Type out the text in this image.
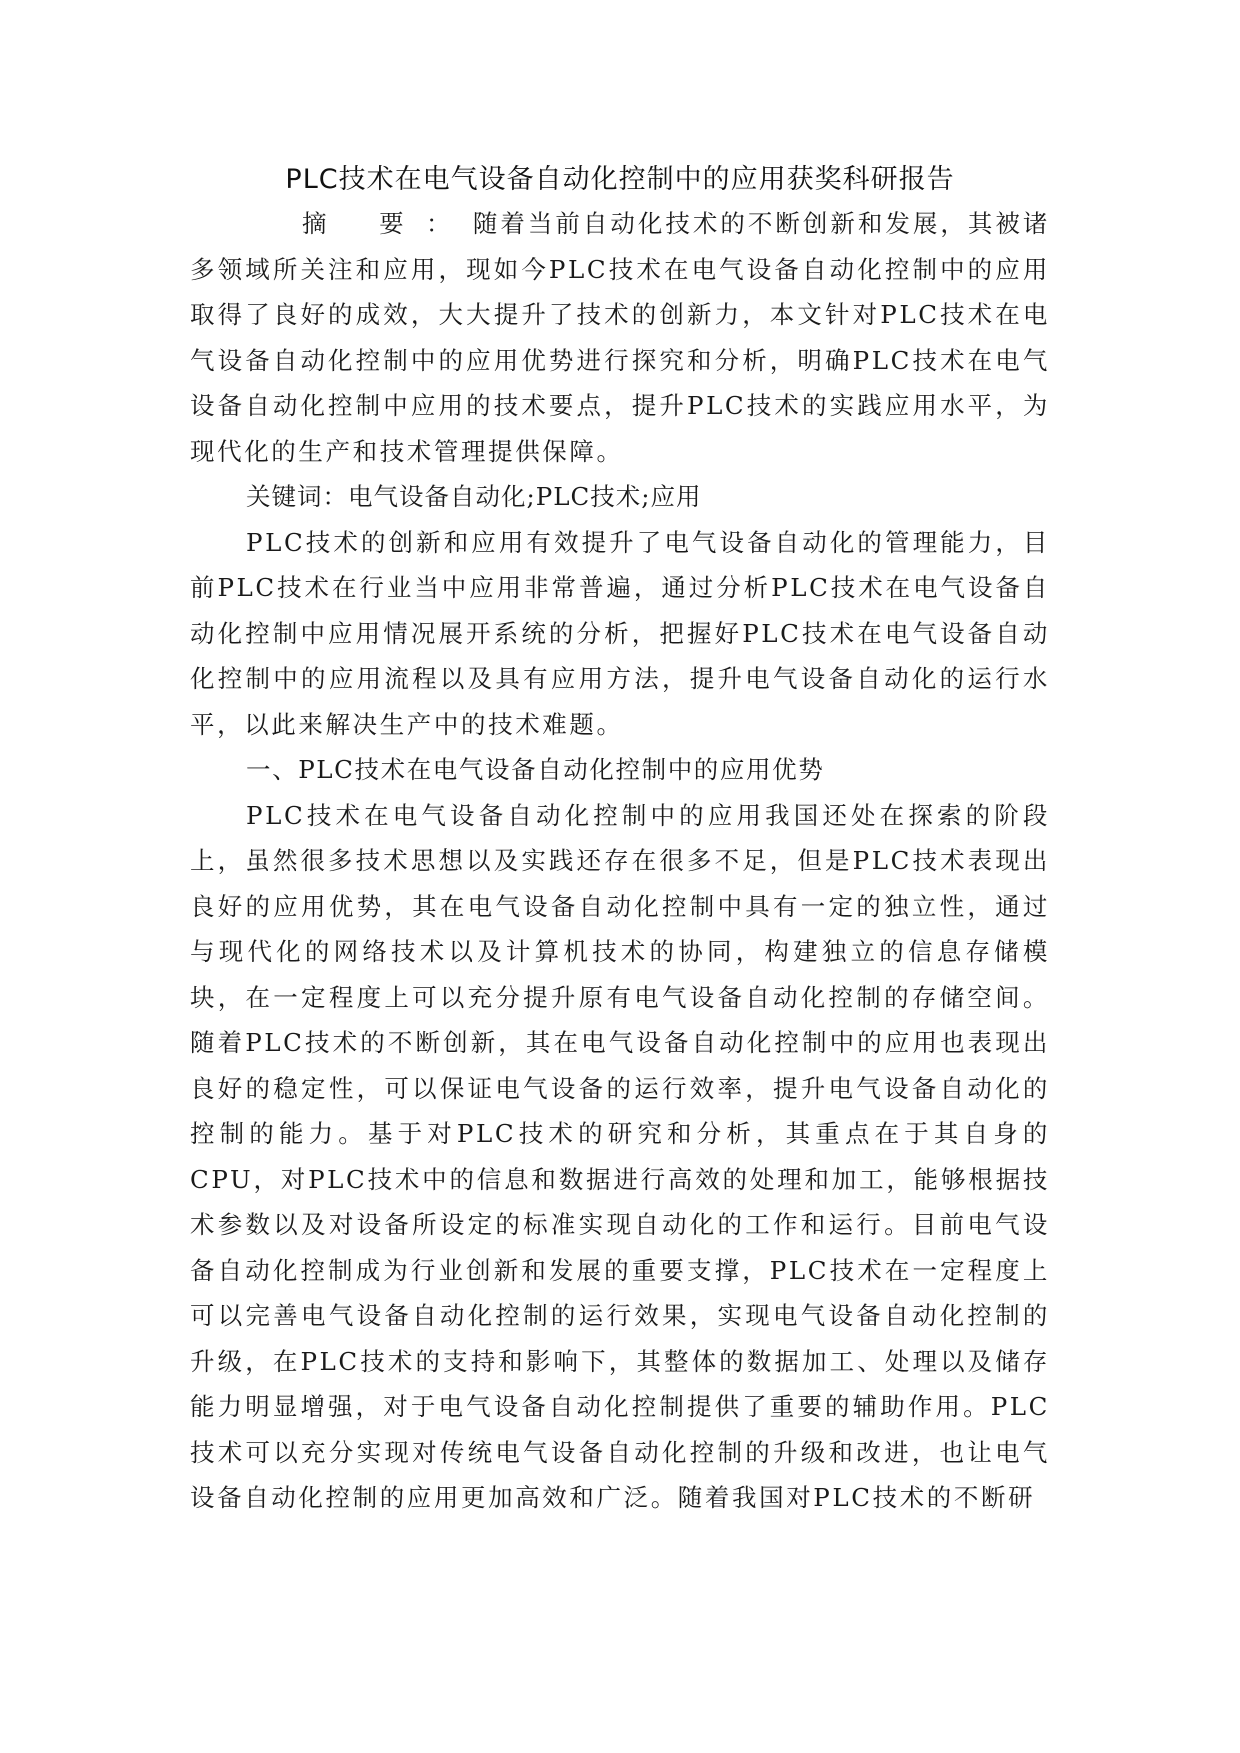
PLC技术在电气设备自动化控制中的应用获奖科研报告

摘 要：随着当前自动化技术的不断创新和发展，其被诸多领域所关注和应用，现如今PLC技术在电气设备自动化控制中的应用取得了良好的成效，大大提升了技术的创新力，本文针对PLC技术在电气设备自动化控制中的应用优势进行探究和分析，明确PLC技术在电气设备自动化控制中应用的技术要点，提升PLC技术的实践应用水平，为现代化的生产和技术管理提供保障。

关键词：电气设备自动化;PLC技术;应用

PLC技术的创新和应用有效提升了电气设备自动化的管理能力，目前PLC技术在行业当中应用非常普遍，通过分析PLC技术在电气设备自动化控制中应用情况展开系统的分析，把握好PLC技术在电气设备自动化控制中的应用流程以及具有应用方法，提升电气设备自动化的运行水平，以此来解决生产中的技术难题。

一、PLC技术在电气设备自动化控制中的应用优势

PLC技术在电气设备自动化控制中的应用我国还处在探索的阶段上，虽然很多技术思想以及实践还存在很多不足，但是PLC技术表现出良好的应用优势，其在电气设备自动化控制中具有一定的独立性，通过与现代化的网络技术以及计算机技术的协同，构建独立的信息存储模块，在一定程度上可以充分提升原有电气设备自动化控制的存储空间。随着PLC技术的不断创新，其在电气设备自动化控制中的应用也表现出良好的稳定性，可以保证电气设备的运行效率，提升电气设备自动化的控制的能力。基于对PLC技术的研究和分析，其重点在于其自身的CPU，对PLC技术中的信息和数据进行高效的处理和加工，能够根据技术参数以及对设备所设定的标准实现自动化的工作和运行。目前电气设备自动化控制成为行业创新和发展的重要支撑，PLC技术在一定程度上可以完善电气设备自动化控制的运行效果，实现电气设备自动化控制的升级，在PLC技术的支持和影响下，其整体的数据加工、处理以及储存能力明显增强，对于电气设备自动化控制提供了重要的辅助作用。PLC技术可以充分实现对传统电气设备自动化控制的升级和改进，也让电气设备自动化控制的应用更加高效和广泛。随着我国对PLC技术的不断研
